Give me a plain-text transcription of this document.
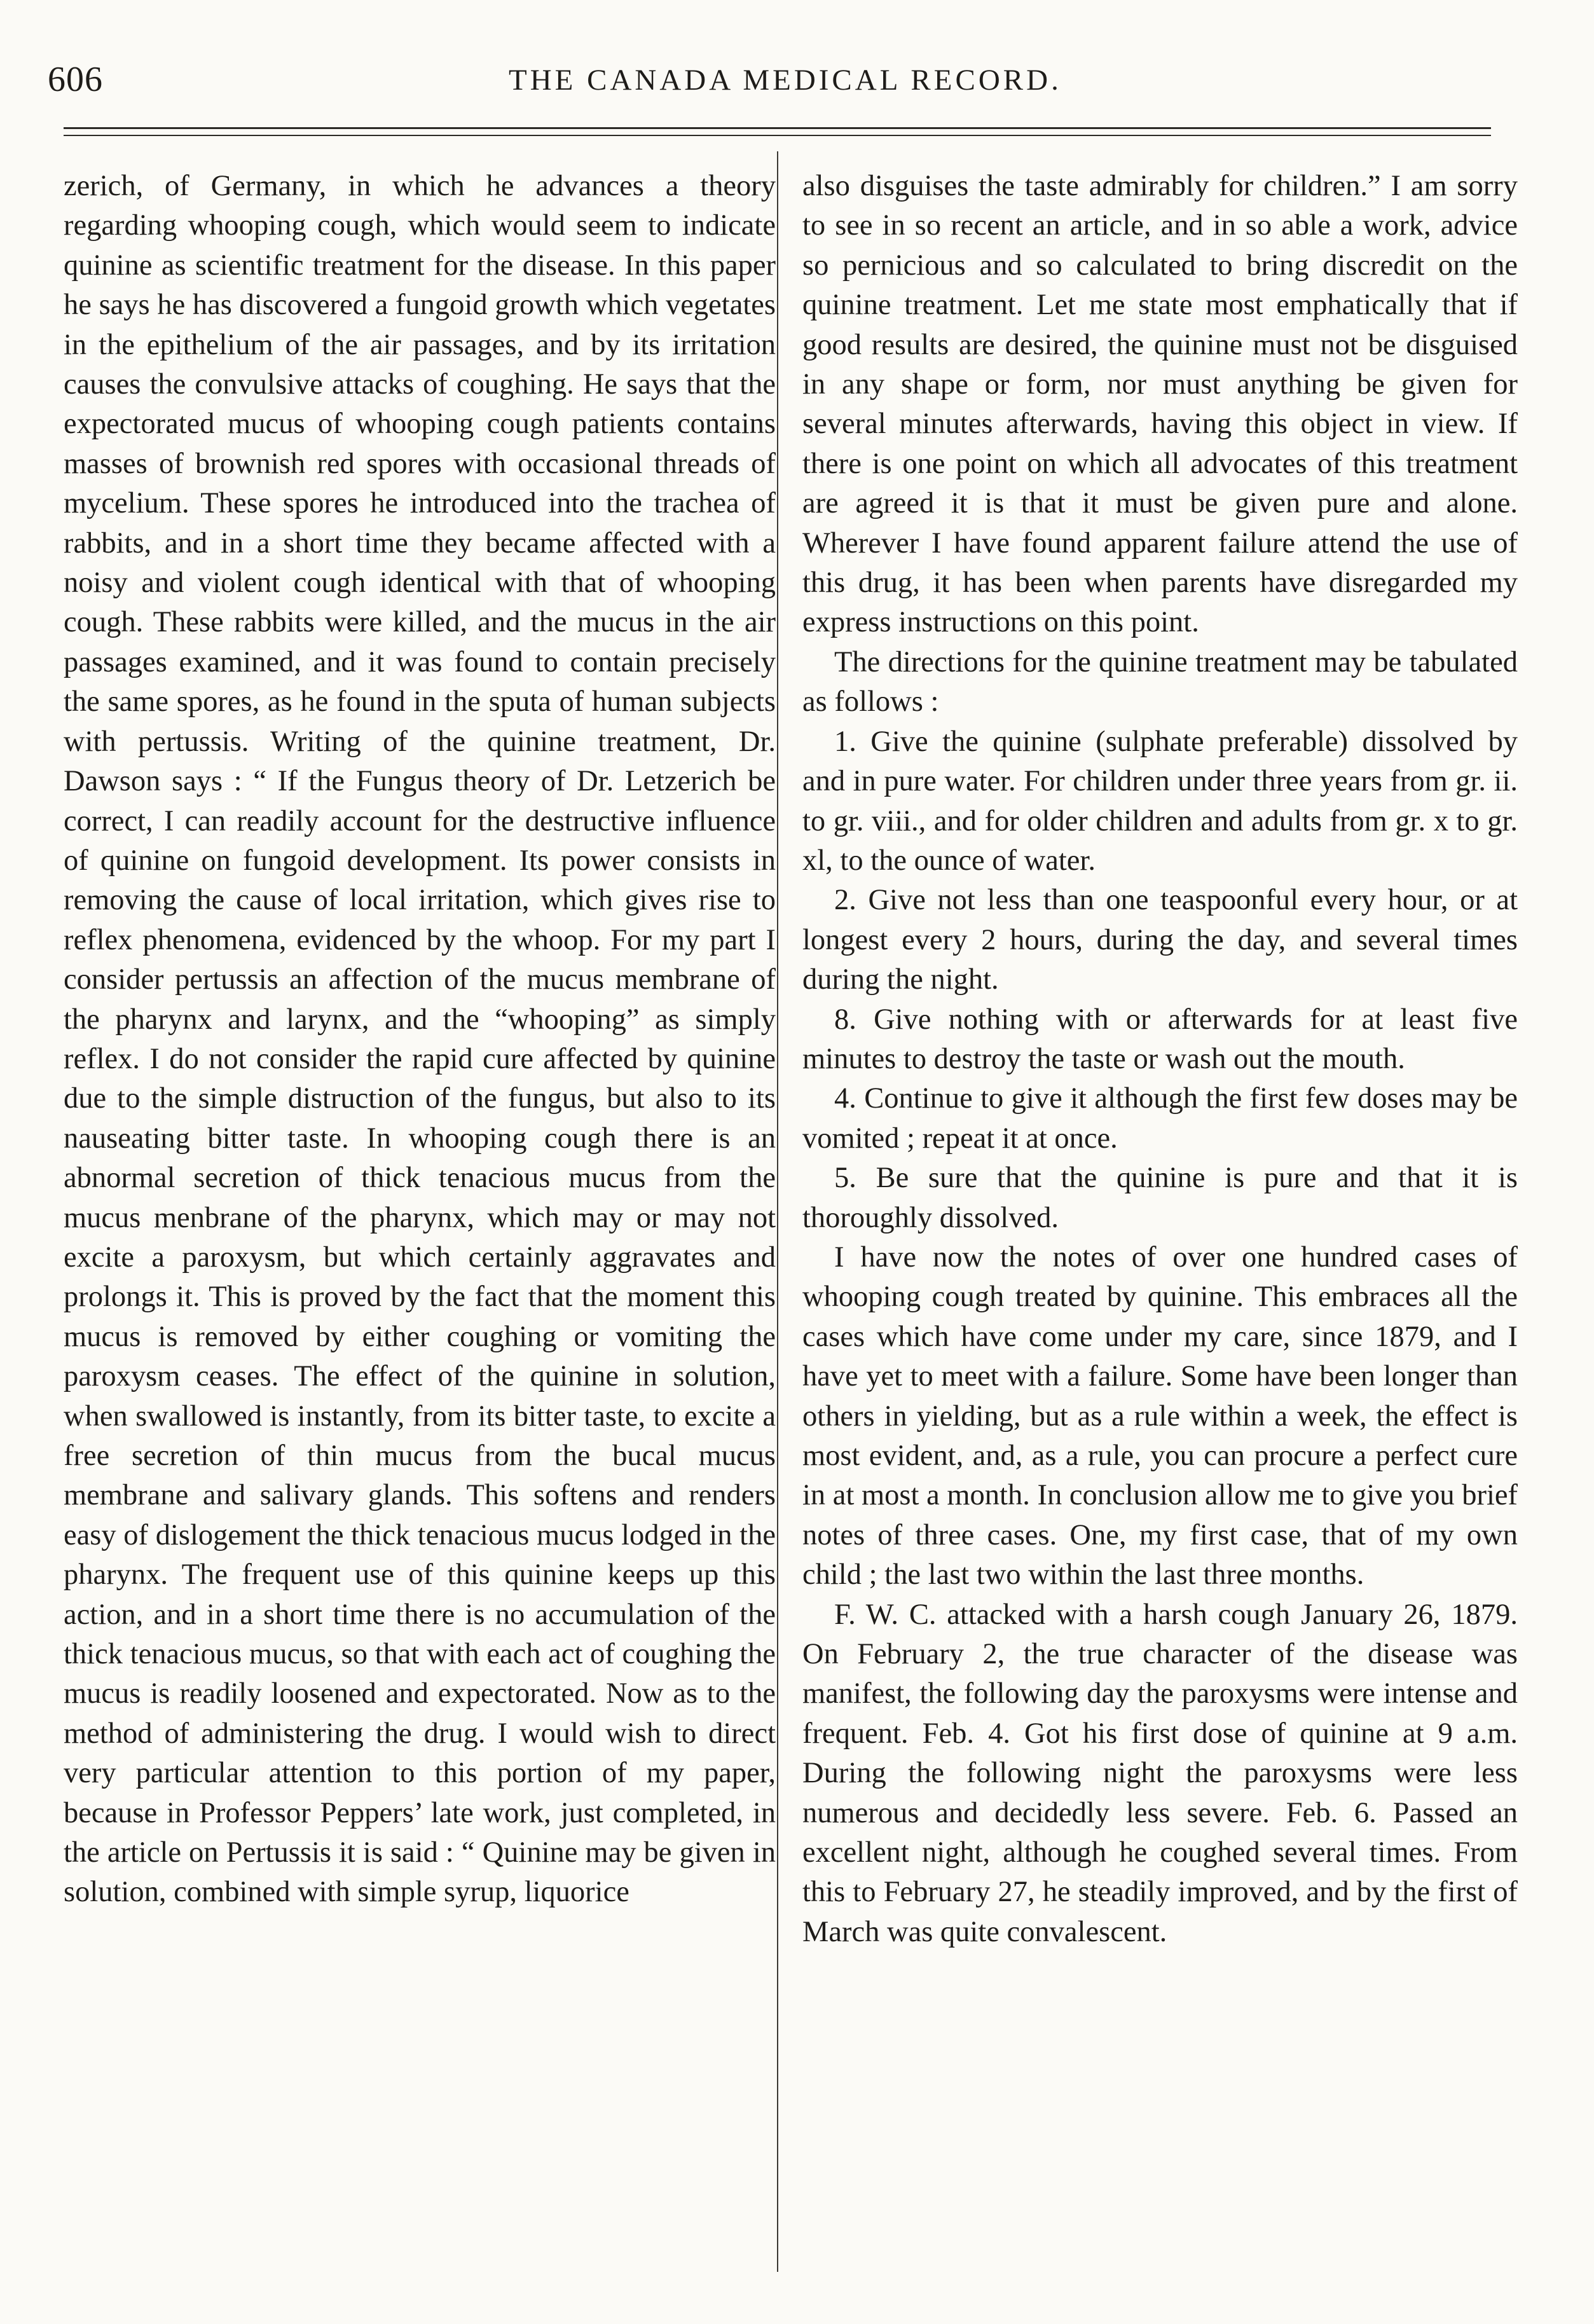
606	THE CANADA MEDICAL RECORD.

zerich, of Germany, in which he advances a theory regarding whooping cough, which would seem to indicate quinine as scientific treatment for the disease. In this paper he says he has discovered a fungoid growth which vegetates in the epithelium of the air passages, and by its irritation causes the convulsive attacks of coughing. He says that the expectorated mucus of whooping cough patients contains masses of brownish red spores with occasional threads of mycelium. These spores he introduced into the trachea of rabbits, and in a short time they became affected with a noisy and violent cough identical with that of whooping cough. These rabbits were killed, and the mucus in the air passages examined, and it was found to contain precisely the same spores, as he found in the sputa of human subjects with pertussis. Writing of the quinine treatment, Dr. Dawson says : “ If the Fungus theory of Dr. Letzerich be correct, I can readily account for the destructive influence of quinine on fungoid development. Its power consists in removing the cause of local irritation, which gives rise to reflex phenomena, evidenced by the whoop. For my part I consider pertussis an affection of the mucus membrane of the pharynx and larynx, and the “whooping” as simply reflex. I do not consider the rapid cure affected by quinine due to the simple distruction of the fungus, but also to its nauseating bitter taste. In whooping cough there is an abnormal secretion of thick tenacious mucus from the mucus menbrane of the pharynx, which may or may not excite a paroxysm, but which certainly aggravates and prolongs it. This is proved by the fact that the moment this mucus is removed by either coughing or vomiting the paroxysm ceases. The effect of the quinine in solution, when swallowed is instantly, from its bitter taste, to excite a free secretion of thin mucus from the bucal mucus membrane and salivary glands. This softens and renders easy of dislogement the thick tenacious mucus lodged in the pharynx. The frequent use of this quinine keeps up this action, and in a short time there is no accumulation of the thick tenacious mucus, so that with each act of coughing the mucus is readily loosened and expectorated. Now as to the method of administering the drug. I would wish to direct very particular attention to this portion of my paper, because in Professor Peppers’ late work, just completed, in the article on Pertussis it is said : “ Quinine may be given in solution, combined with simple syrup, liquorice

also disguises the taste admirably for children.” I am sorry to see in so recent an article, and in so able a work, advice so pernicious and so calculated to bring discredit on the quinine treatment. Let me state most emphatically that if good results are desired, the quinine must not be disguised in any shape or form, nor must anything be given for several minutes afterwards, having this object in view. If there is one point on which all advocates of this treatment are agreed it is that it must be given pure and alone. Wherever I have found apparent failure attend the use of this drug, it has been when parents have disregarded my express instructions on this point.

The directions for the quinine treatment may be tabulated as follows :

1. Give the quinine (sulphate preferable) dissolved by and in pure water. For children under three years from gr. ii. to gr. viii., and for older children and adults from gr. x to gr. xl, to the ounce of water.

2. Give not less than one teaspoonful every hour, or at longest every 2 hours, during the day, and several times during the night.

8. Give nothing with or afterwards for at least five minutes to destroy the taste or wash out the mouth.

4. Continue to give it although the first few doses may be vomited ; repeat it at once.

5. Be sure that the quinine is pure and that it is thoroughly dissolved.

I have now the notes of over one hundred cases of whooping cough treated by quinine. This embraces all the cases which have come under my care, since 1879, and I have yet to meet with a failure. Some have been longer than others in yielding, but as a rule within a week, the effect is most evident, and, as a rule, you can procure a perfect cure in at most a month. In conclusion allow me to give you brief notes of three cases. One, my first case, that of my own child ; the last two within the last three months.

F. W. C. attacked with a harsh cough January 26, 1879. On February 2, the true character of the disease was manifest, the following day the paroxysms were intense and frequent. Feb. 4. Got his first dose of quinine at 9 a.m. During the following night the paroxysms were less numerous and decidedly less severe. Feb. 6. Passed an excellent night, although he coughed several times. From this to February 27, he steadily improved, and by the first of March was quite convalescent.
